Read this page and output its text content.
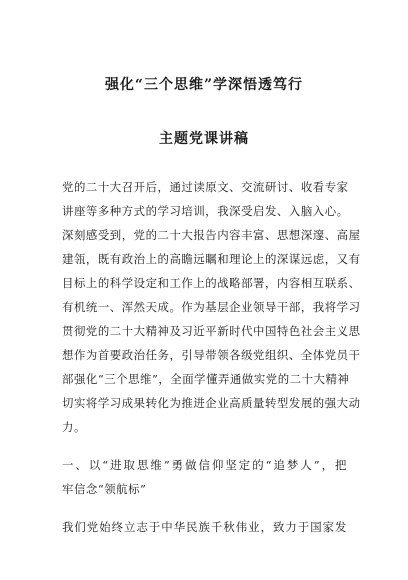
强化“三个思维”学深悟透笃行
主题党课讲稿
党的二十大召开后，通过读原文、交流研讨、收看专家
讲座等多种方式的学习培训，我深受启发、入脑入心。
深刻感受到，党的二十大报告内容丰富、思想深邃、高屋
建瓴，既有政治上的高瞻远瞩和理论上的深谋远虑，又有
目标上的科学设定和工作上的战略部署，内容相互联系、
有机统一、浑然天成。作为基层企业领导干部，我将学习
贯彻党的二十大精神及习近平新时代中国特色社会主义思
想作为首要政治任务，引导带领各级党组织、全体党员干
部强化“三个思维”，全面学懂弄通做实党的二十大精神
切实将学习成果转化为推进企业高质量转型发展的强大动
力。
一、以“进取思维”勇做信仰坚定的“追梦人”，把
牢信念“领航标”
我们党始终立志于中华民族千秋伟业，致力于国家发
